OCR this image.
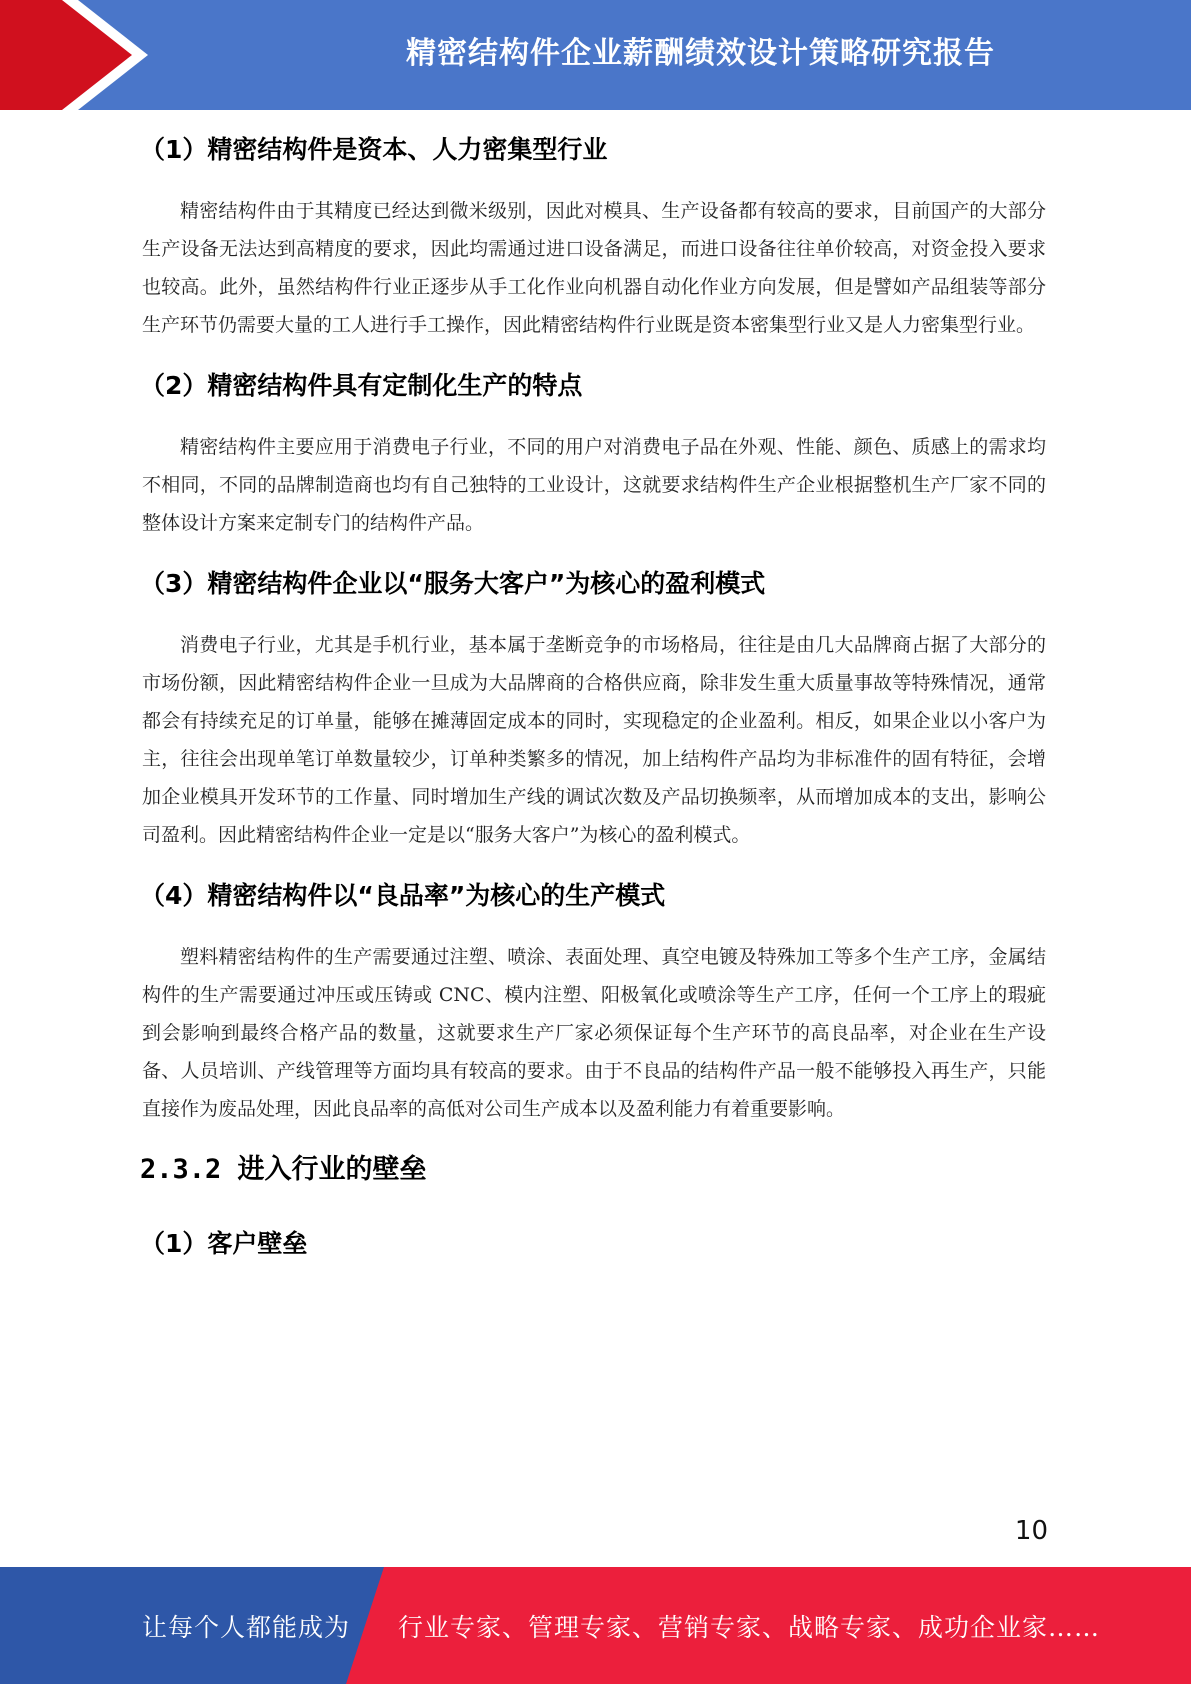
精密结构件企业薪酬绩效设计策略研究报告
（1）精密结构件是资本、人力密集型行业

精密结构件由于其精度已经达到微米级别，因此对模具、生产设备都有较高的要求，目前国产的大部分生产设备无法达到高精度的要求，因此均需通过进口设备满足，而进口设备往往单价较高，对资金投入要求也较高。此外，虽然结构件行业正逐步从手工化作业向机器自动化作业方向发展，但是譬如产品组装等部分生产环节仍需要大量的工人进行手工操作，因此精密结构件行业既是资本密集型行业又是人力密集型行业。

（2）精密结构件具有定制化生产的特点

精密结构件主要应用于消费电子行业，不同的用户对消费电子品在外观、性能、颜色、质感上的需求均不相同，不同的品牌制造商也均有自己独特的工业设计，这就要求结构件生产企业根据整机生产厂家不同的整体设计方案来定制专门的结构件产品。

（3）精密结构件企业以“服务大客户”为核心的盈利模式

消费电子行业，尤其是手机行业，基本属于垄断竞争的市场格局，往往是由几大品牌商占据了大部分的市场份额，因此精密结构件企业一旦成为大品牌商的合格供应商，除非发生重大质量事故等特殊情况，通常都会有持续充足的订单量，能够在摊薄固定成本的同时，实现稳定的企业盈利。相反，如果企业以小客户为主，往往会出现单笔订单数量较少，订单种类繁多的情况，加上结构件产品均为非标准件的固有特征，会增加企业模具开发环节的工作量、同时增加生产线的调试次数及产品切换频率，从而增加成本的支出，影响公司盈利。因此精密结构件企业一定是以“服务大客户”为核心的盈利模式。

（4）精密结构件以“良品率”为核心的生产模式

塑料精密结构件的生产需要通过注塑、喷涂、表面处理、真空电镀及特殊加工等多个生产工序，金属结构件的生产需要通过冲压或压铸或 CNC、模内注塑、阳极氧化或喷涂等生产工序，任何一个工序上的瑕疵到会影响到最终合格产品的数量，这就要求生产厂家必须保证每个生产环节的高良品率，对企业在生产设备、人员培训、产线管理等方面均具有较高的要求。由于不良品的结构件产品一般不能够投入再生产，只能直接作为废品处理，因此良品率的高低对公司生产成本以及盈利能力有着重要影响。

2.3.2 进入行业的壁垒
（1）客户壁垒
10
让每个人都能成为 行业专家、管理专家、营销专家、战略专家、成功企业家……
